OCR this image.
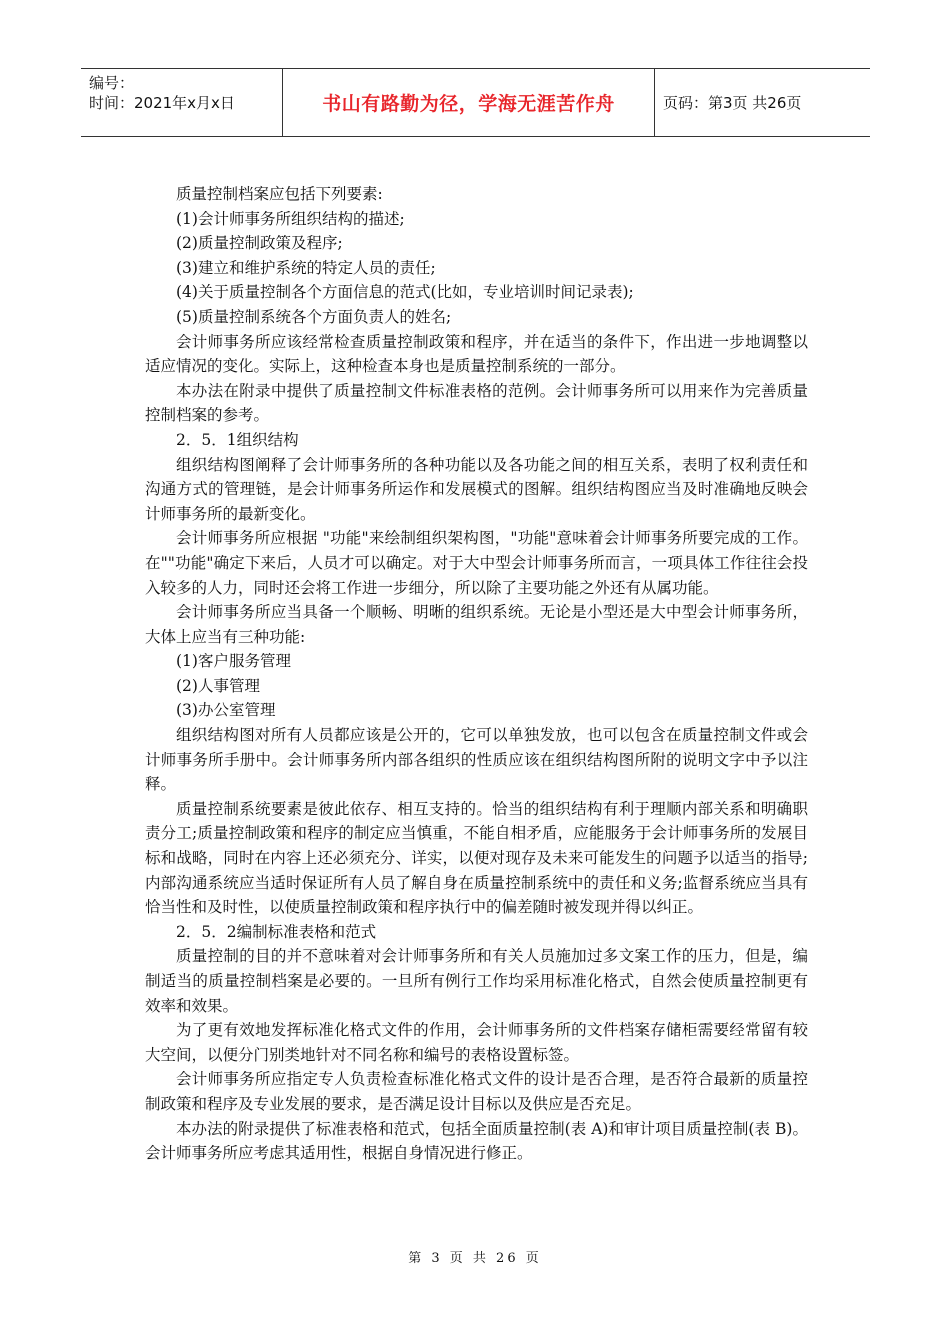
编号：
时间：2021年x月x日	书山有路勤为径，学海无涯苦作舟	页码：第3页 共26页

质量控制档案应包括下列要素:

(1)会计师事务所组织结构的描述;

(2)质量控制政策及程序;

(3)建立和维护系统的特定人员的责任;

(4)关于质量控制各个方面信息的范式(比如，专业培训时间记录表);

(5)质量控制系统各个方面负责人的姓名;

会计师事务所应该经常检查质量控制政策和程序，并在适当的条件下，作出进一步地调整以适应情况的变化。实际上，这种检查本身也是质量控制系统的一部分。

本办法在附录中提供了质量控制文件标准表格的范例。会计师事务所可以用来作为完善质量控制档案的参考。

2．5．1组织结构

组织结构图阐释了会计师事务所的各种功能以及各功能之间的相互关系，表明了权利责任和沟通方式的管理链，是会计师事务所运作和发展模式的图解。组织结构图应当及时准确地反映会计师事务所的最新变化。

会计师事务所应根据 "功能"来绘制组织架构图，"功能"意味着会计师事务所要完成的工作。在""功能"确定下来后，人员才可以确定。对于大中型会计师事务所而言，一项具体工作往往会投入较多的人力，同时还会将工作进一步细分，所以除了主要功能之外还有从属功能。

会计师事务所应当具备一个顺畅、明晰的组织系统。无论是小型还是大中型会计师事务所，大体上应当有三种功能:

(1)客户服务管理

(2)人事管理

(3)办公室管理

组织结构图对所有人员都应该是公开的，它可以单独发放，也可以包含在质量控制文件或会计师事务所手册中。会计师事务所内部各组织的性质应该在组织结构图所附的说明文字中予以注释。

质量控制系统要素是彼此依存、相互支持的。恰当的组织结构有利于理顺内部关系和明确职责分工;质量控制政策和程序的制定应当慎重，不能自相矛盾，应能服务于会计师事务所的发展目标和战略，同时在内容上还必须充分、详实，以便对现存及未来可能发生的问题予以适当的指导;内部沟通系统应当适时保证所有人员了解自身在质量控制系统中的责任和义务;监督系统应当具有恰当性和及时性，以使质量控制政策和程序执行中的偏差随时被发现并得以纠正。

2．5．2编制标准表格和范式

质量控制的目的并不意味着对会计师事务所和有关人员施加过多文案工作的压力，但是，编制适当的质量控制档案是必要的。一旦所有例行工作均采用标准化格式，自然会使质量控制更有效率和效果。

为了更有效地发挥标准化格式文件的作用，会计师事务所的文件档案存储柜需要经常留有较大空间，以便分门别类地针对不同名称和编号的表格设置标签。

会计师事务所应指定专人负责检查标准化格式文件的设计是否合理，是否符合最新的质量控制政策和程序及专业发展的要求，是否满足设计目标以及供应是否充足。

本办法的附录提供了标准表格和范式，包括全面质量控制(表 A)和审计项目质量控制(表 B)。会计师事务所应考虑其适用性，根据自身情况进行修正。

第 3 页 共 26 页
